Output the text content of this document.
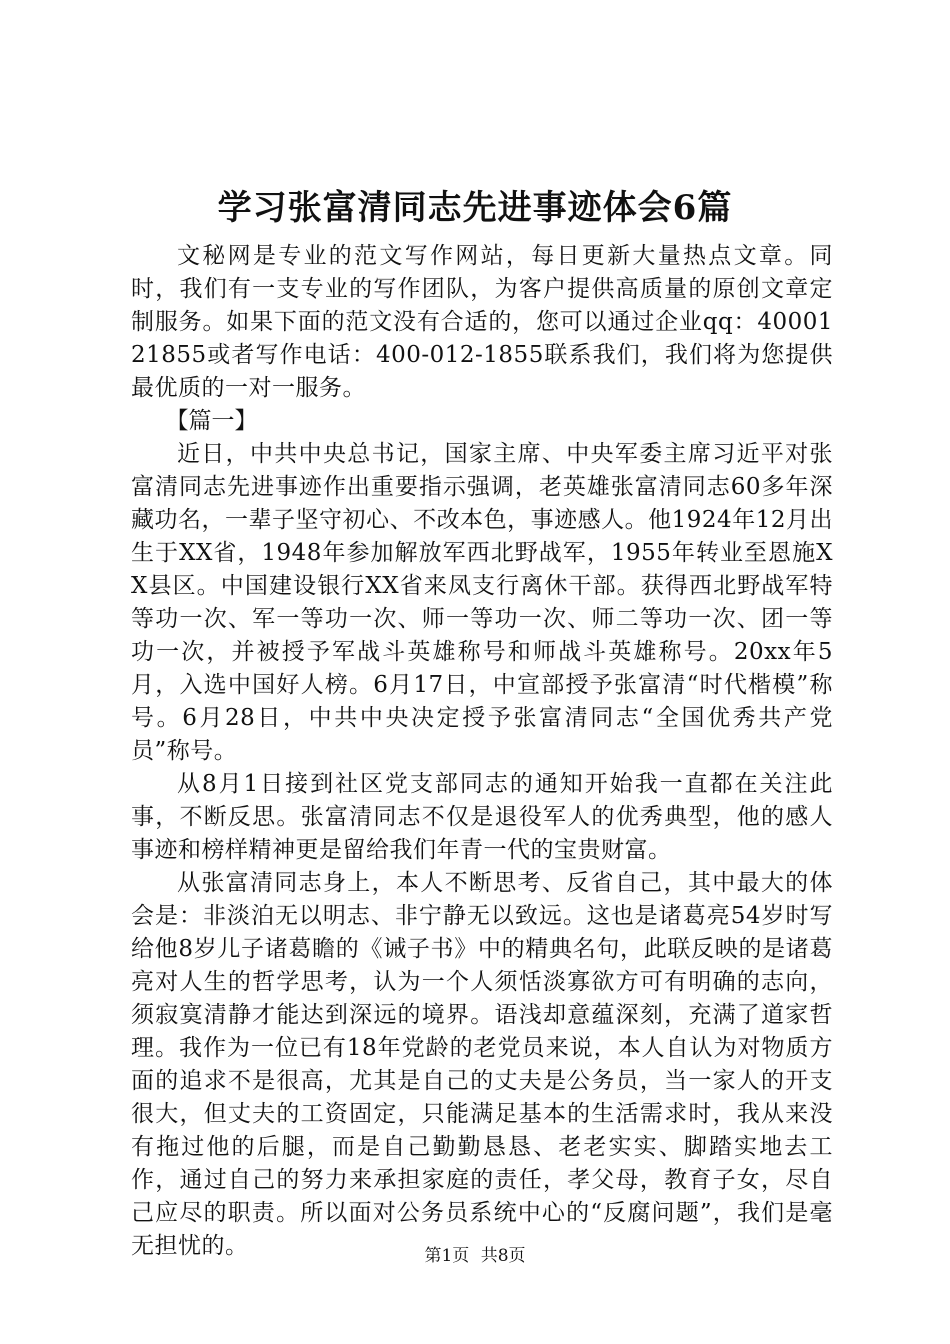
学习张富清同志先进事迹体会6篇

文秘网是专业的范文写作网站，每日更新大量热点文章。同时，我们有一支专业的写作团队，为客户提供高质量的原创文章定制服务。如果下面的范文没有合适的，您可以通过企业qq：4000121855或者写作电话：400-012-1855联系我们，我们将为您提供最优质的一对一服务。

【篇一】

近日，中共中央总书记，国家主席、中央军委主席习近平对张富清同志先进事迹作出重要指示强调，老英雄张富清同志60多年深藏功名，一辈子坚守初心、不改本色，事迹感人。他1924年12月出生于XX省，1948年参加解放军西北野战军，1955年转业至恩施XX县区。中国建设银行XX省来凤支行离休干部。获得西北野战军特等功一次、军一等功一次、师一等功一次、师二等功一次、团一等功一次，并被授予军战斗英雄称号和师战斗英雄称号。20xx年5月，入选中国好人榜。6月17日，中宣部授予张富清“时代楷模”称号。6月28日，中共中央决定授予张富清同志“全国优秀共产党员”称号。

从8月1日接到社区党支部同志的通知开始我一直都在关注此事，不断反思。张富清同志不仅是退役军人的优秀典型，他的感人事迹和榜样精神更是留给我们年青一代的宝贵财富。

从张富清同志身上，本人不断思考、反省自己，其中最大的体会是：非淡泊无以明志、非宁静无以致远。这也是诸葛亮54岁时写给他8岁儿子诸葛瞻的《诫子书》中的精典名句，此联反映的是诸葛亮对人生的哲学思考，认为一个人须恬淡寡欲方可有明确的志向，须寂寞清静才能达到深远的境界。语浅却意蕴深刻，充满了道家哲理。我作为一位已有18年党龄的老党员来说，本人自认为对物质方面的追求不是很高，尤其是自己的丈夫是公务员，当一家人的开支很大，但丈夫的工资固定，只能满足基本的生活需求时，我从来没有拖过他的后腿，而是自己勤勤恳恳、老老实实、脚踏实地去工作，通过自己的努力来承担家庭的责任，孝父母，教育子女，尽自己应尽的职责。所以面对公务员系统中心的“反腐问题”，我们是毫无担忧的。	第1页 共8页
